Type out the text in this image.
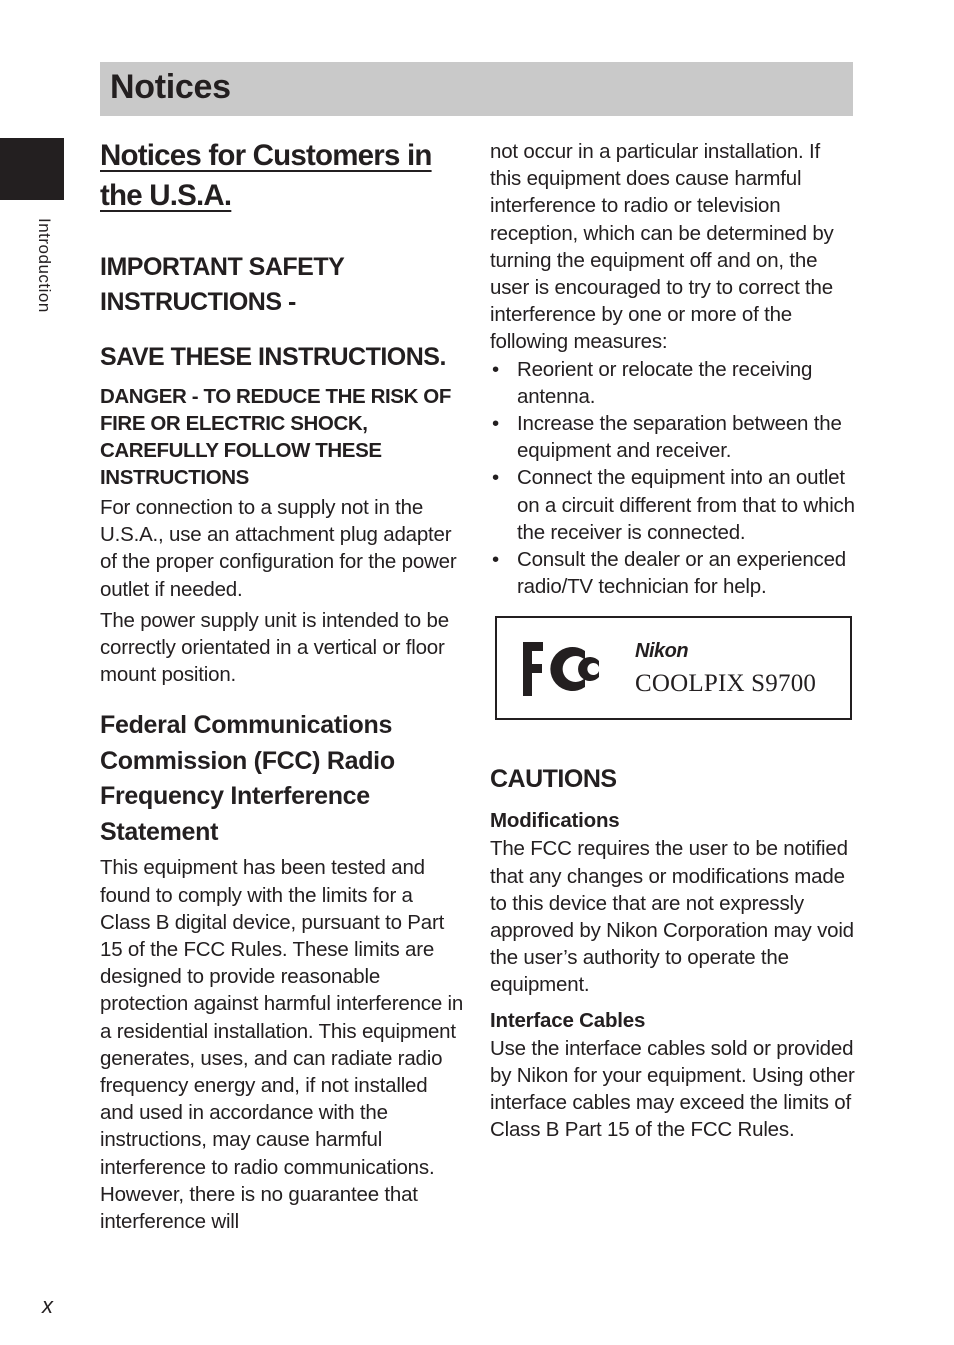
Notices
Introduction
Notices for Customers in the U.S.A.
IMPORTANT SAFETY INSTRUCTIONS -
SAVE THESE INSTRUCTIONS.
DANGER - TO REDUCE THE RISK OF FIRE OR ELECTRIC SHOCK, CAREFULLY FOLLOW THESE INSTRUCTIONS

For connection to a supply not in the U.S.A., use an attachment plug adapter of the proper configuration for the power outlet if needed.

The power supply unit is intended to be correctly orientated in a vertical or floor mount position.

Federal Communications Commission (FCC) Radio Frequency Interference Statement

This equipment has been tested and found to comply with the limits for a Class B digital device, pursuant to Part 15 of the FCC Rules. These limits are designed to provide reasonable protection against harmful interference in a residential installation. This equipment generates, uses, and can radiate radio frequency energy and, if not installed and used in accordance with the instructions, may cause harmful interference to radio communications. However, there is no guarantee that interference will

not occur in a particular installation. If this equipment does cause harmful interference to radio or television reception, which can be determined by turning the equipment off and on, the user is encouraged to try to correct the interference by one or more of the following measures:

• Reorient or relocate the receiving antenna.
• Increase the separation between the equipment and receiver.
• Connect the equipment into an outlet on a circuit different from that to which the receiver is connected.
• Consult the dealer or an experienced radio/TV technician for help.
Nikon
COOLPIX S9700
CAUTIONS
Modifications

The FCC requires the user to be notified that any changes or modifications made to this device that are not expressly approved by Nikon Corporation may void the user’s authority to operate the equipment.

Interface Cables

Use the interface cables sold or provided by Nikon for your equipment. Using other interface cables may exceed the limits of Class B Part 15 of the FCC Rules.

x
